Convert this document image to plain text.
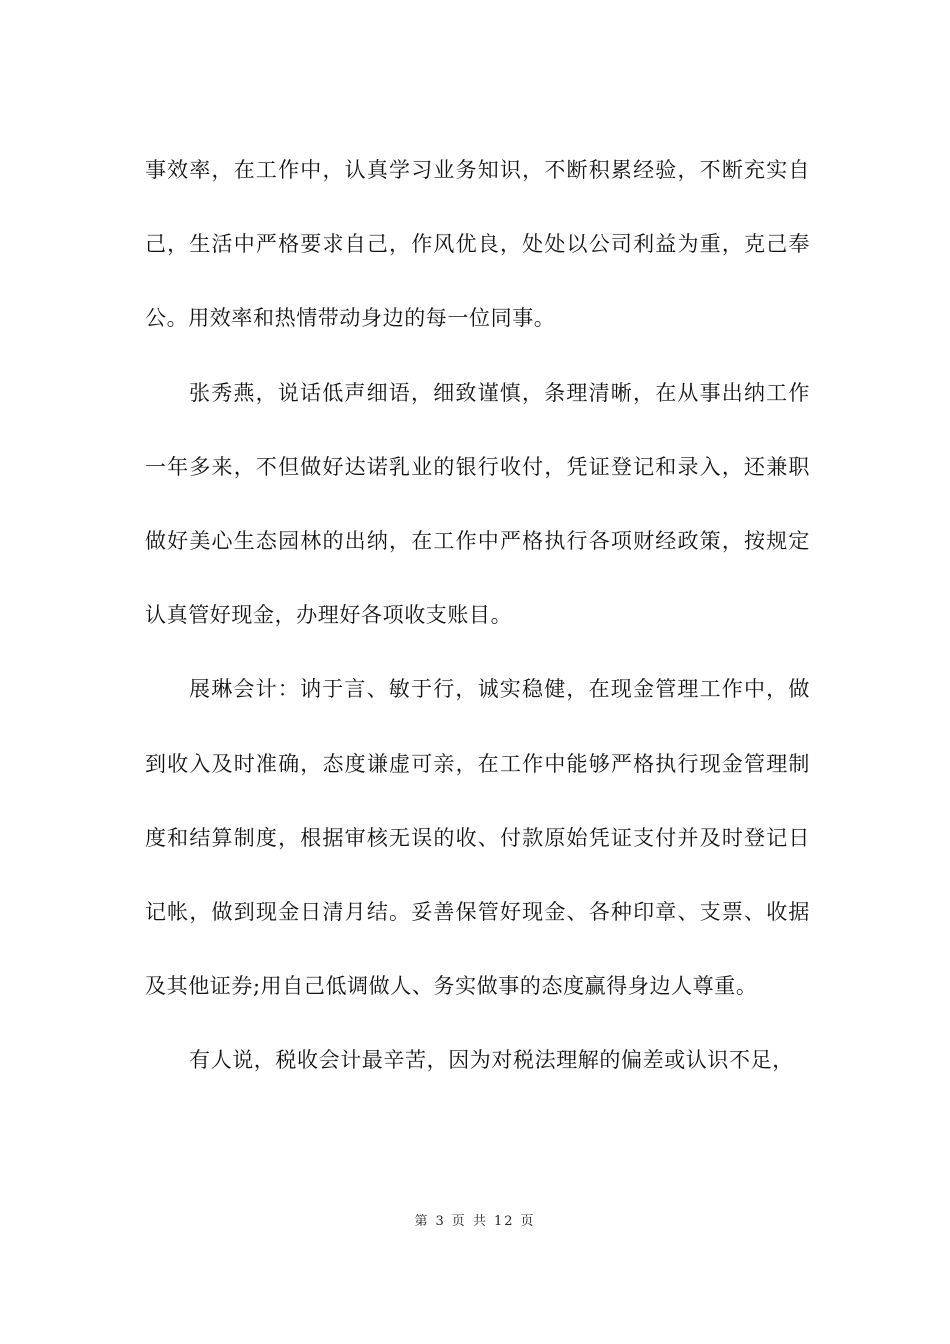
事效率，在工作中，认真学习业务知识，不断积累经验，不断充实自己，生活中严格要求自己，作风优良，处处以公司利益为重，克己奉公。用效率和热情带动身边的每一位同事。

张秀燕，说话低声细语，细致谨慎，条理清晰，在从事出纳工作一年多来，不但做好达诺乳业的银行收付，凭证登记和录入，还兼职做好美心生态园林的出纳，在工作中严格执行各项财经政策，按规定认真管好现金，办理好各项收支账目。

展琳会计：讷于言、敏于行，诚实稳健，在现金管理工作中，做到收入及时准确，态度谦虚可亲，在工作中能够严格执行现金管理制度和结算制度，根据审核无误的收、付款原始凭证支付并及时登记日记帐，做到现金日清月结。妥善保管好现金、各种印章、支票、收据及其他证券;用自己低调做人、务实做事的态度赢得身边人尊重。

有人说，税收会计最辛苦，因为对税法理解的偏差或认识不足，

第 3 页 共 12 页
